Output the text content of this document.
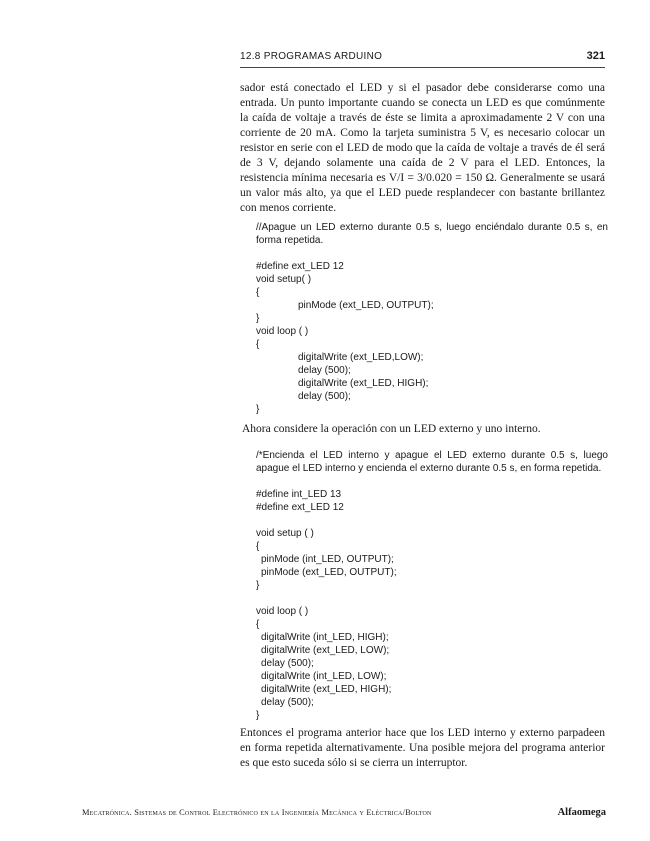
12.8 PROGRAMAS ARDUINO	321

sador está conectado el LED y si el pasador debe considerarse como una entrada. Un punto importante cuando se conecta un LED es que comúnmente la caída de voltaje a través de éste se limita a aproximadamente 2 V con una corriente de 20 mA. Como la tarjeta suministra 5 V, es necesario colocar un resistor en serie con el LED de modo que la caída de voltaje a través de él será de 3 V, dejando solamente una caída de 2 V para el LED. Entonces, la resistencia mínima necesaria es V/I = 3/0.020 = 150 Ω. Generalmente se usará un valor más alto, ya que el LED puede resplandecer con bastante brillantez con menos corriente.

//Apague un LED externo durante 0.5 s, luego enciéndalo durante 0.5 s, en forma repetida.
#define ext_LED 12
void setup( )
{
pinMode (ext_LED, OUTPUT);
}
void loop ( )
{
digitalWrite (ext_LED,LOW);
delay (500);
digitalWrite (ext_LED, HIGH);
delay (500);
}

Ahora considere la operación con un LED externo y uno interno.

/*Encienda el LED interno y apague el LED externo durante 0.5 s, luego apague el LED interno y encienda el externo durante 0.5 s, en forma repetida.
#define int_LED 13
#define ext_LED 12
void setup ( )
{
pinMode (int_LED, OUTPUT);
pinMode (ext_LED, OUTPUT);
}
void loop ( )
{
digitalWrite (int_LED, HIGH);
digitalWrite (ext_LED, LOW);
delay (500);
digitalWrite (int_LED, LOW);
digitalWrite (ext_LED, HIGH);
delay (500);
}

Entonces el programa anterior hace que los LED interno y externo parpadeen en forma repetida alternativamente. Una posible mejora del programa anterior es que esto suceda sólo si se cierra un interruptor.

Mecatrónica. Sistemas de Control Electrónico en la Ingeniería Mecánica y Eléctrica/Bolton	Alfaomega
